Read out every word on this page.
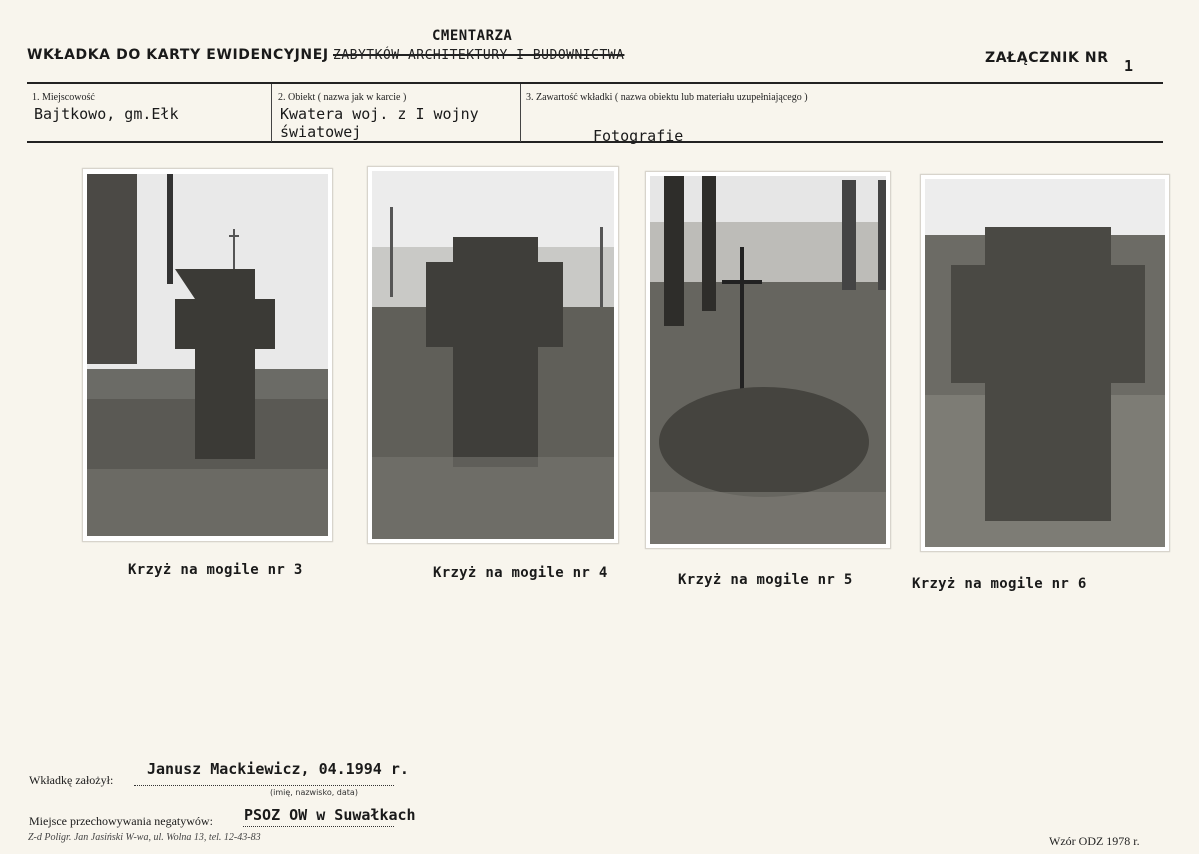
WKŁADKA DO KARTY EWIDENCYJNEJ ZABYTKÓW ARCHITEKTURY I BUDOWNICTWA
CMENTARZA
ZAŁĄCZNIK NR 1
1. Miejscowość
Bajtkowo, gm.Ełk
2. Obiekt ( nazwa jak w karcie )
Kwatera woj. z I wojny
światowej
3. Zawartość wkładki ( nazwa obiektu lub materiału uzupełniającego )
Fotografie
Krzyż na mogile nr 3	Krzyż na mogile nr 4	Krzyż na mogile nr 5	Krzyż na mogile nr 6
Wkładkę założył:
Janusz Mackiewicz, 04.1994 r.
(imię, nazwisko, data)
Miejsce przechowywania negatywów: PSOZ OW w Suwałkach
Z-d Poligr. Jan Jasiński W-wa, ul. Wolna 13, tel. 12-43-83	Wzór ODZ 1978 r.
